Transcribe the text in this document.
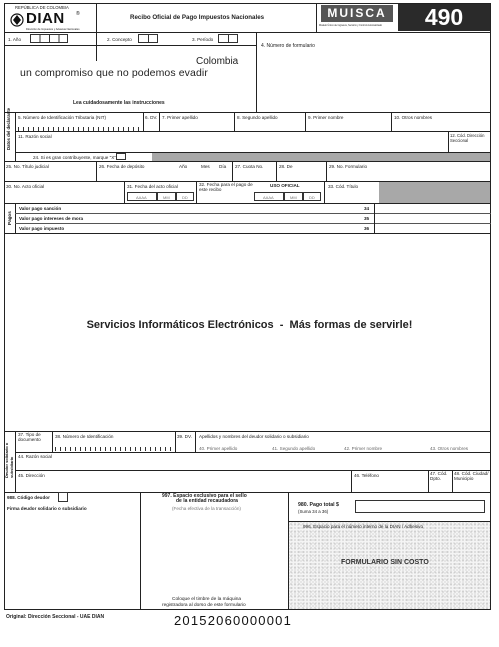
REPÚBLICA DE COLOMBIA
DIAN ®
Dirección de Impuestos y Aduanas Nacionales
Recibo Oficial de Pago Impuestos Nacionales	MUISCA
Modelo Único de Ingresos, Servicio y Control Automatizado	490
1. Año	2. Concepto	3. Período
4. Número de formulario
Colombia
un compromiso que no podemos evadir
Lea cuidadosamente las instrucciones
Datos del declarante 5. Número de Identificación Tributaria (NIT)	6. DV. 7. Primer apellido	8. Segundo apellido	9. Primer nombre	10. Otros nombres
11. Razón social	12. Cód. Dirección Seccional
24. Si es gran contribuyente, marque "X"
25. No. Título judicial	26. Fecha de depósito	Año	Mes Día 27. Cuota No.	28. De	29. No. Formulario
30. No. Acto oficial	31. Fecha del acto oficial
AAAA	MM	DD
32. Fecha para el pago de este recibo
USO OFICIAL
AAAA	MM	DD
33. Cód. Título
Pagos
Valor pago sanción	34
Valor pago intereses de mora	35
Valor pago impuesto	36
Servicios Informáticos Electrónicos  -  Más formas de servirle!
Deudor solidario o subsidiario
37. Tipo de documento
38. Número de Identificación	39. DV. Apellidos y nombres del deudor solidario o subsidiario
40. Primer apellido	41. Segundo apellido	42. Primer nombre	43. Otros nombres
44. Razón social
45. Dirección	46. Teléfono	47. Cód. Dpto.
48. Cód. Ciudad/ Municipio
988. Código deudor
Firma deudor solidario o subsidiario
997. Espacio exclusivo para el sello
de la entidad recaudadora
(Fecha efectiva de la transacción)
Coloque el timbre de la máquina
registradora al dorso de este formulario
980. Pago total $
(Suma 34 a 36)
996. Espacio para el número interno de la DIAN / Adhesivo
FORMULARIO SIN COSTO
Original: Dirección Seccional - UAE DIAN	20152060000001
